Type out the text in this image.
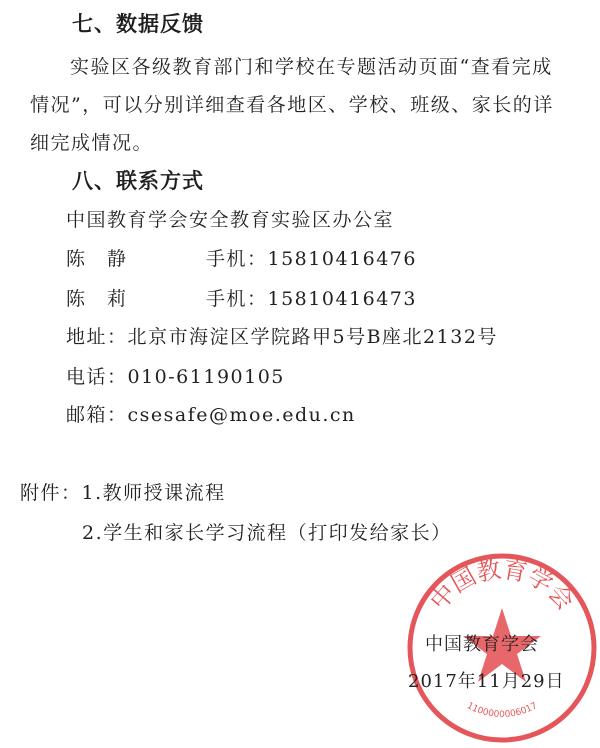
七、数据反馈
实验区各级教育部门和学校在专题活动页面“查看完成情况”，可以分别详细查看各地区、学校、班级、家长的详细完成情况。
八、联系方式
中国教育学会安全教育实验区办公室
陈　静	手机：15810416476
陈　莉	手机：15810416473
地址：北京市海淀区学院路甲5号B座北2132号
电话：010-61190105
邮箱：csesafe@moe.edu.cn
附件：1.教师授课流程
2.学生和家长学习流程（打印发给家长）
中国教育学会
1100000006017
中国教育学会
2017年11月29日
